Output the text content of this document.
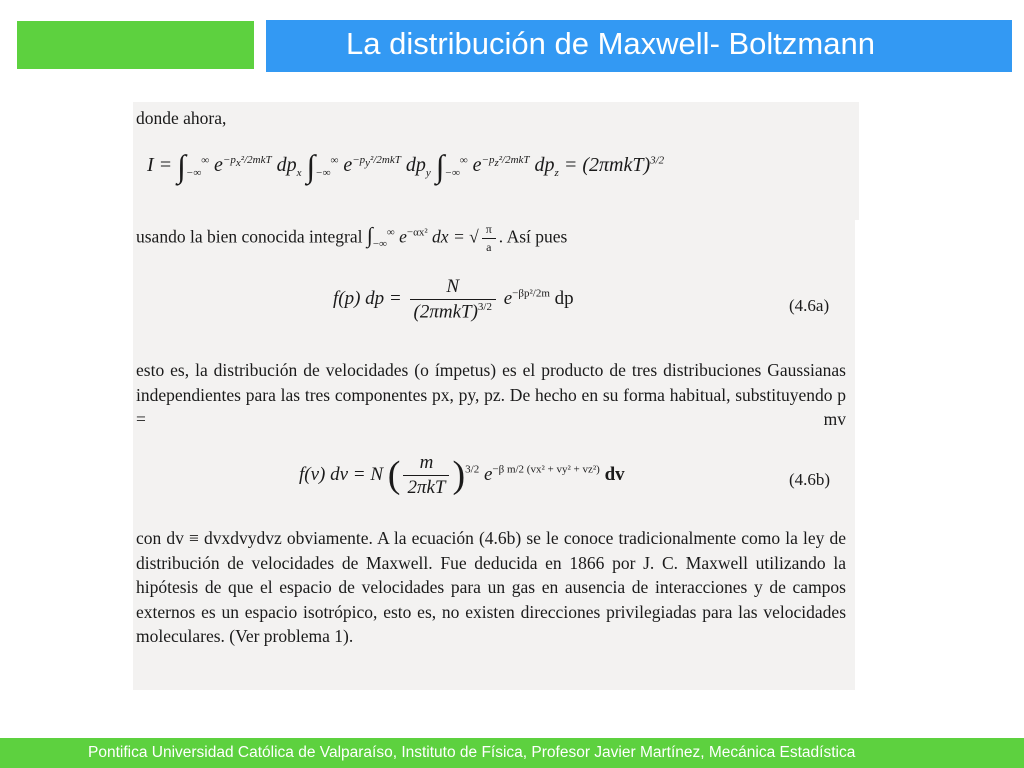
La distribución de Maxwell- Boltzmann
donde ahora,
$I = \int_{-\infty}^\infty$ $e^{-p_x^2/2mkT}$ $dp_x$ $\int_{-\infty}^\infty$ $e^{-p_y^2/2mkT}$ $dp_y$ $\int_{-\infty}^\infty$ $e^{-p_z^2/2mkT}$ $dp_z = (2\pi mkT)^{3/2}$
usando la bien conocida integral $\int_{-\infty}^\infty$ $e^{-\alpha x^2}$ dx = √ $\frac{\pi}{a}$ . Así pues
f(p) dp = $\frac{N}{(2\pi mkT)^{3/2}} e^{-\beta p^2/2m}$ dp	(4.6a)
esto es, la distribución de velocidades (o ímpetus) es el producto de tres distribuciones Gaussianas independientes para las tres componentes px, py, pz. De hecho en su forma habitual, substituyendo p = mv
f(v) dv = N ( $\frac{m}{\text{2πkT}} )^{3/2}$ $e^{-\beta m/2 (vx^2 + vy^2 + vz^2)}$ dv	(4.6b)
con dv ≡ dvxdvydvz obviamente. A la ecuación (4.6b) se le conoce tradicionalmente como la ley de distribución de velocidades de Maxwell. Fue deducida en 1866 por J. C. Maxwell utilizando la hipótesis de que el espacio de velocidades para un gas en ausencia de interacciones y de campos externos es un espacio isotrópico, esto es, no existen direcciones privilegiadas para las velocidades moleculares. (Ver problema 1).
Pontifica Universidad Católica de Valparaíso, Instituto de Física, Profesor Javier Martínez, Mecánica Estadística
